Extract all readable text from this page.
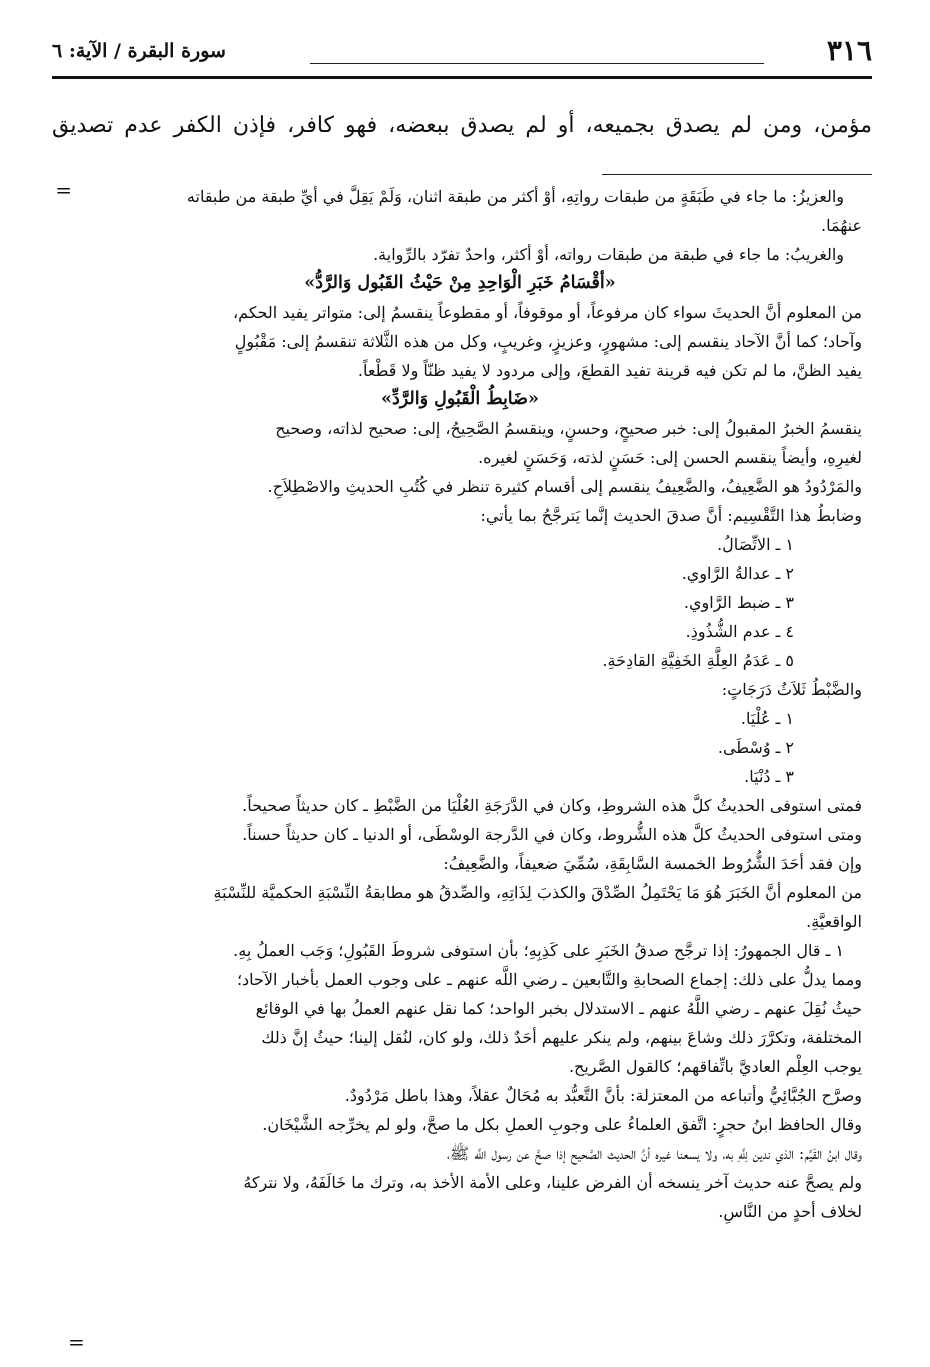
٣١٦
سورة البقرة / الآية: ٦
مؤمن، ومن لم يصدق بجميعه، أو لم يصدق ببعضه، فهو كافر، فإذن الكفر عدم تصديق
=	والعزيزُ: ما جاء في طَبَقَةٍ من طبقات رواتِهِ، أوْ أكثر من طبقة اثنان، وَلَمْ يَقِلَّ في أيِّ طبقة من طبقاته

عنهُمَا.

والغريبُ: ما جاء في طبقة من طبقات رواته، أوْ أكثر، واحدٌ تفرّد بالرِّواية.

«أقْسَامُ خَبَرِ الْوَاحِدِ مِنْ حَيْثُ القَبُول وَالرَّدُّ»

من المعلوم أنَّ الحديثَ سواء كان مرفوعاً، أو موقوفاً، أو مقطوعاً ينقسمُ إلى: متواتر يفيد الحكم،

وآحاد؛ كما أنَّ الآحاد ينقسم إلى: مشهورٍ، وعزيزٍ، وغريبٍ، وكل من هذه الثَّلاثة تنقسمُ إلى: مَقْبُولٍ

يفيد الظنَّ، ما لم تكن فيه قرينة تفيد القطعَ، وإلى مردود لا يفيد ظنّاً ولا قَطْعاً.

«ضَابِطُ الْقَبُولِ وَالرَّدِّ»

ينقسمُ الخبرُ المقبولُ إلى: خبر صحيحٍ، وحسنٍ، وينقسمُ الصَّحِيحُ، إلى: صحيح لذاته، وصحيح

لغيرِهِ، وأيضاً ينقسم الحسن إلى: حَسَنٍ لذته، وَحَسَنٍ لغيره.

والمَرْدُودُ هو الضَّعِيفُ، والضَّعِيفُ ينقسم إلى أقسام كثيرة تنظر في كُتُبِ الحديثِ والاصْطِلاَحِ.

وضابطُ هذا التَّقْسِيم: أنَّ صدقَ الحديث إنَّما يَترجَّحُ بما يأتي:

١ ـ الاتِّصَالُ.

٢ ـ عدالةُ الرَّاوي.

٣ ـ ضبط الرَّاوي.

٤ ـ عدم الشُّذُوذِ.

٥ ـ عَدَمُ العِلَّةِ الخَفِيَّةِ القادِحَةِ.

والضَّبْطُ ثَلاَثُ دَرَجَاتٍ:

١ ـ عُلْيَا.

٢ ـ وُسْطَى.

٣ ـ دُنْيَا.

فمتى استوفى الحديثُ كلَّ هذه الشروطِ، وكان في الدَّرَجَةِ العُلْيَا من الضَّبْطِ ـ كان حديثاً صحيحاً.

ومتى استوفى الحديثُ كلَّ هذه الشُّروط، وكان في الدَّرجة الوسْطَى، أو الدنيا ـ كان حديثاً حسناً.

وإن فقد أحَدَ الشُّرُوط الخمسة السَّابِقَةِ، سُمِّيَ ضعيفاً، والضَّعِيفُ:

من المعلوم أنَّ الخَبَرَ هُوَ مَا يَحْتَمِلُ الصِّدْقَ والكذبَ لِذَاتِهِ، والصِّدقُ هو مطابقةُ النِّسْبَةِ الحكميَّة للنِّسْبَةِ

الواقعيَّةِ.

١ ـ قال الجمهورُ: إذا ترجَّح صدقُ الخَبَرِ على كَذِبِهِ؛ بأن استوفى شروطَ القَبُولِ؛ وَجَب العملُ بِهِ.

ومما يدلُّ على ذلك: إجماع الصحابةِ والتَّابعين ـ رضي اللَّه عنهم ـ على وجوب العمل بأخبار الآحاد؛

حيثُ نُقِلَ عنهم ـ رضي اللَّهُ عنهم ـ الاستدلال بخبر الواحد؛ كما نقل عنهم العملُ بها في الوقائع

المختلفة، وتكرَّرَ ذلك وشاعَ بينهم، ولم ينكر عليهم أحَدٌ ذلك، ولو كان، لنُقل إلينا؛ حيثُ إنَّ ذلك

يوجب العِلْم العاديَّ باتِّفاقهم؛ كالقول الصَّريح.

وصرَّح الجُبَّائِيُّ وأتباعه من المعتزلة: بأنَّ التَّعبُّد به مُحَالٌ عقلاً، وهذا باطل مَرْدُودٌ.

وقال الحافظ ابنُ حجرٍ: اتَّفق العلماءُ على وجوبِ العملِ بكل ما صحَّ، ولو لم يخرِّجه الشَّيْخَان.

وقال ابنُ القَيِّم: الذي ندين لِلَّهِ به، ولا يسعنا غيره أنَّ الحديث الصَّحيح إذا صحَّ عن رسول اللَّه ﷺ،

ولم يصحَّ عنه حديث آخر ينسخه أن الفرض علينا، وعلى الأمة الأخذ به، وترك ما خَالَفَهُ، ولا نتركهُ

لخلاف أحدٍ من النَّاسِ.

=
